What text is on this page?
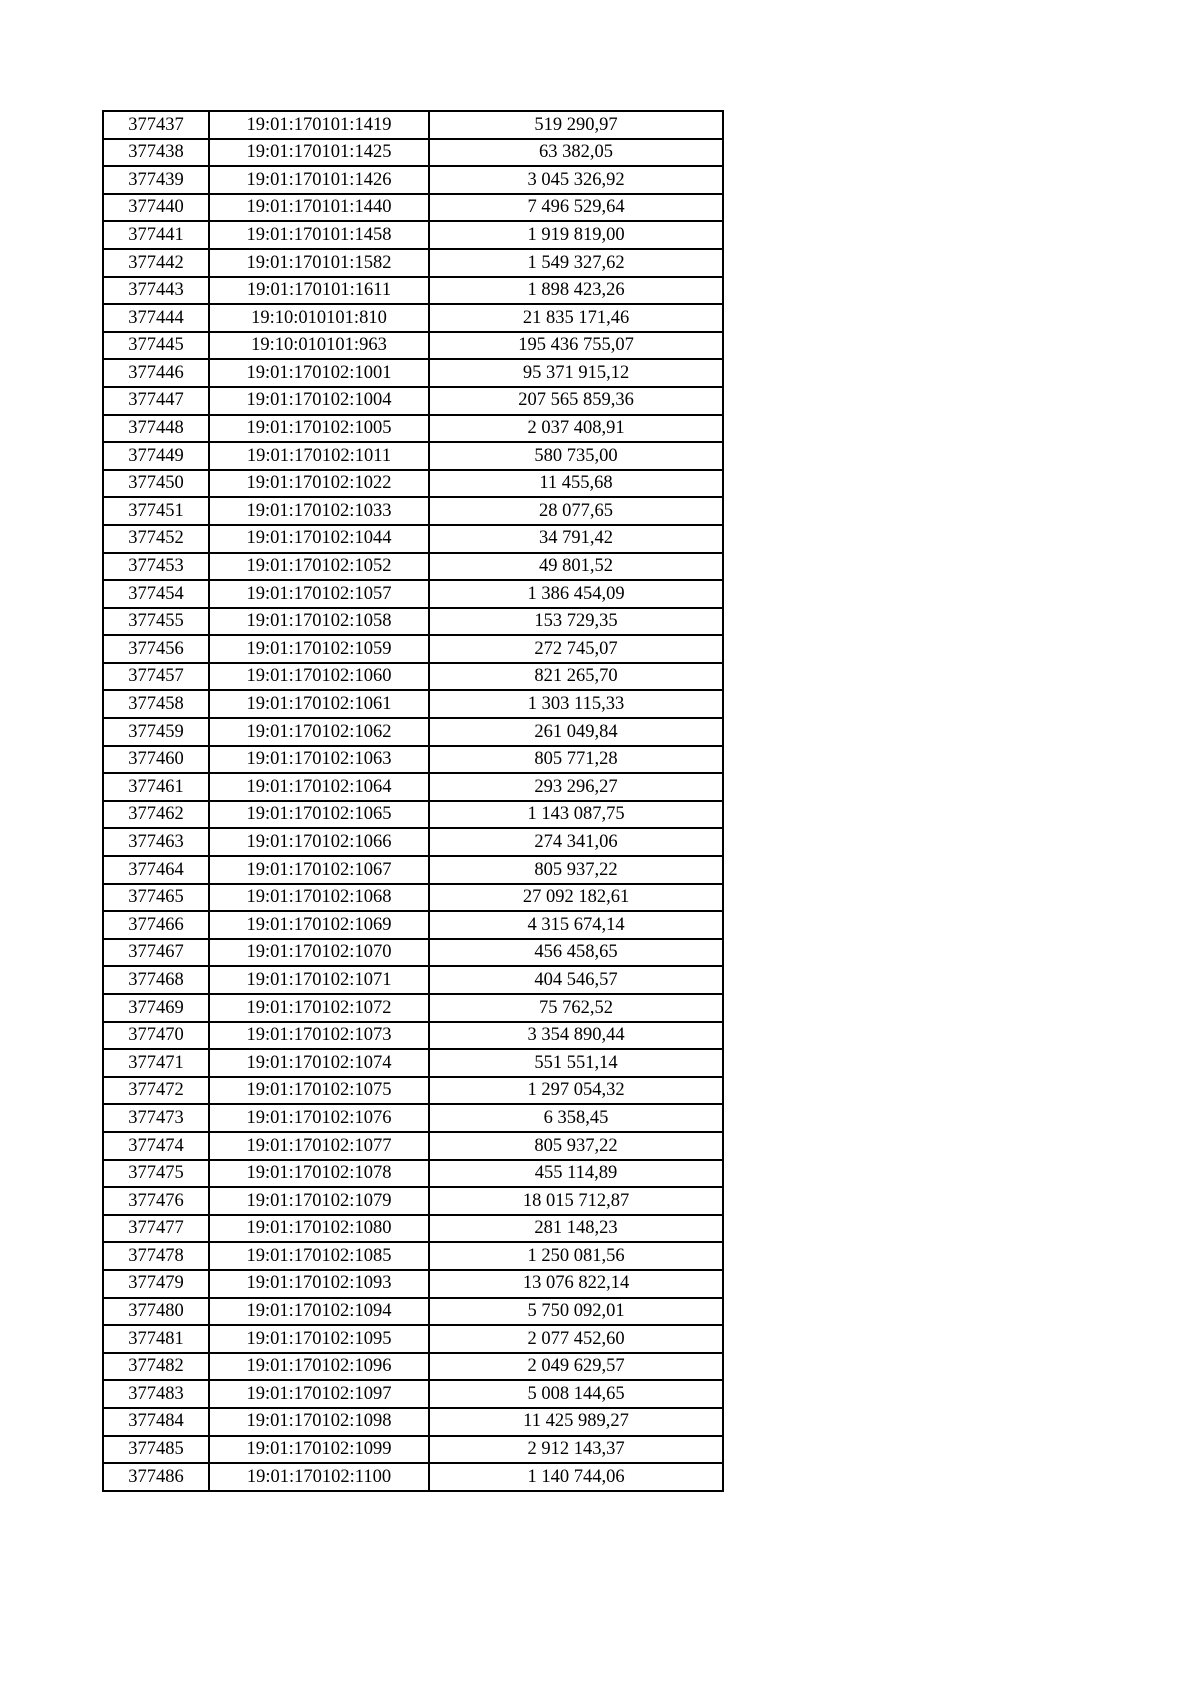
377437	19:01:170101:1419	519 290,97
377438	19:01:170101:1425	63 382,05
377439	19:01:170101:1426	3 045 326,92
377440	19:01:170101:1440	7 496 529,64
377441	19:01:170101:1458	1 919 819,00
377442	19:01:170101:1582	1 549 327,62
377443	19:01:170101:1611	1 898 423,26
377444	19:10:010101:810	21 835 171,46
377445	19:10:010101:963	195 436 755,07
377446	19:01:170102:1001	95 371 915,12
377447	19:01:170102:1004	207 565 859,36
377448	19:01:170102:1005	2 037 408,91
377449	19:01:170102:1011	580 735,00
377450	19:01:170102:1022	11 455,68
377451	19:01:170102:1033	28 077,65
377452	19:01:170102:1044	34 791,42
377453	19:01:170102:1052	49 801,52
377454	19:01:170102:1057	1 386 454,09
377455	19:01:170102:1058	153 729,35
377456	19:01:170102:1059	272 745,07
377457	19:01:170102:1060	821 265,70
377458	19:01:170102:1061	1 303 115,33
377459	19:01:170102:1062	261 049,84
377460	19:01:170102:1063	805 771,28
377461	19:01:170102:1064	293 296,27
377462	19:01:170102:1065	1 143 087,75
377463	19:01:170102:1066	274 341,06
377464	19:01:170102:1067	805 937,22
377465	19:01:170102:1068	27 092 182,61
377466	19:01:170102:1069	4 315 674,14
377467	19:01:170102:1070	456 458,65
377468	19:01:170102:1071	404 546,57
377469	19:01:170102:1072	75 762,52
377470	19:01:170102:1073	3 354 890,44
377471	19:01:170102:1074	551 551,14
377472	19:01:170102:1075	1 297 054,32
377473	19:01:170102:1076	6 358,45
377474	19:01:170102:1077	805 937,22
377475	19:01:170102:1078	455 114,89
377476	19:01:170102:1079	18 015 712,87
377477	19:01:170102:1080	281 148,23
377478	19:01:170102:1085	1 250 081,56
377479	19:01:170102:1093	13 076 822,14
377480	19:01:170102:1094	5 750 092,01
377481	19:01:170102:1095	2 077 452,60
377482	19:01:170102:1096	2 049 629,57
377483	19:01:170102:1097	5 008 144,65
377484	19:01:170102:1098	11 425 989,27
377485	19:01:170102:1099	2 912 143,37
377486	19:01:170102:1100	1 140 744,06
